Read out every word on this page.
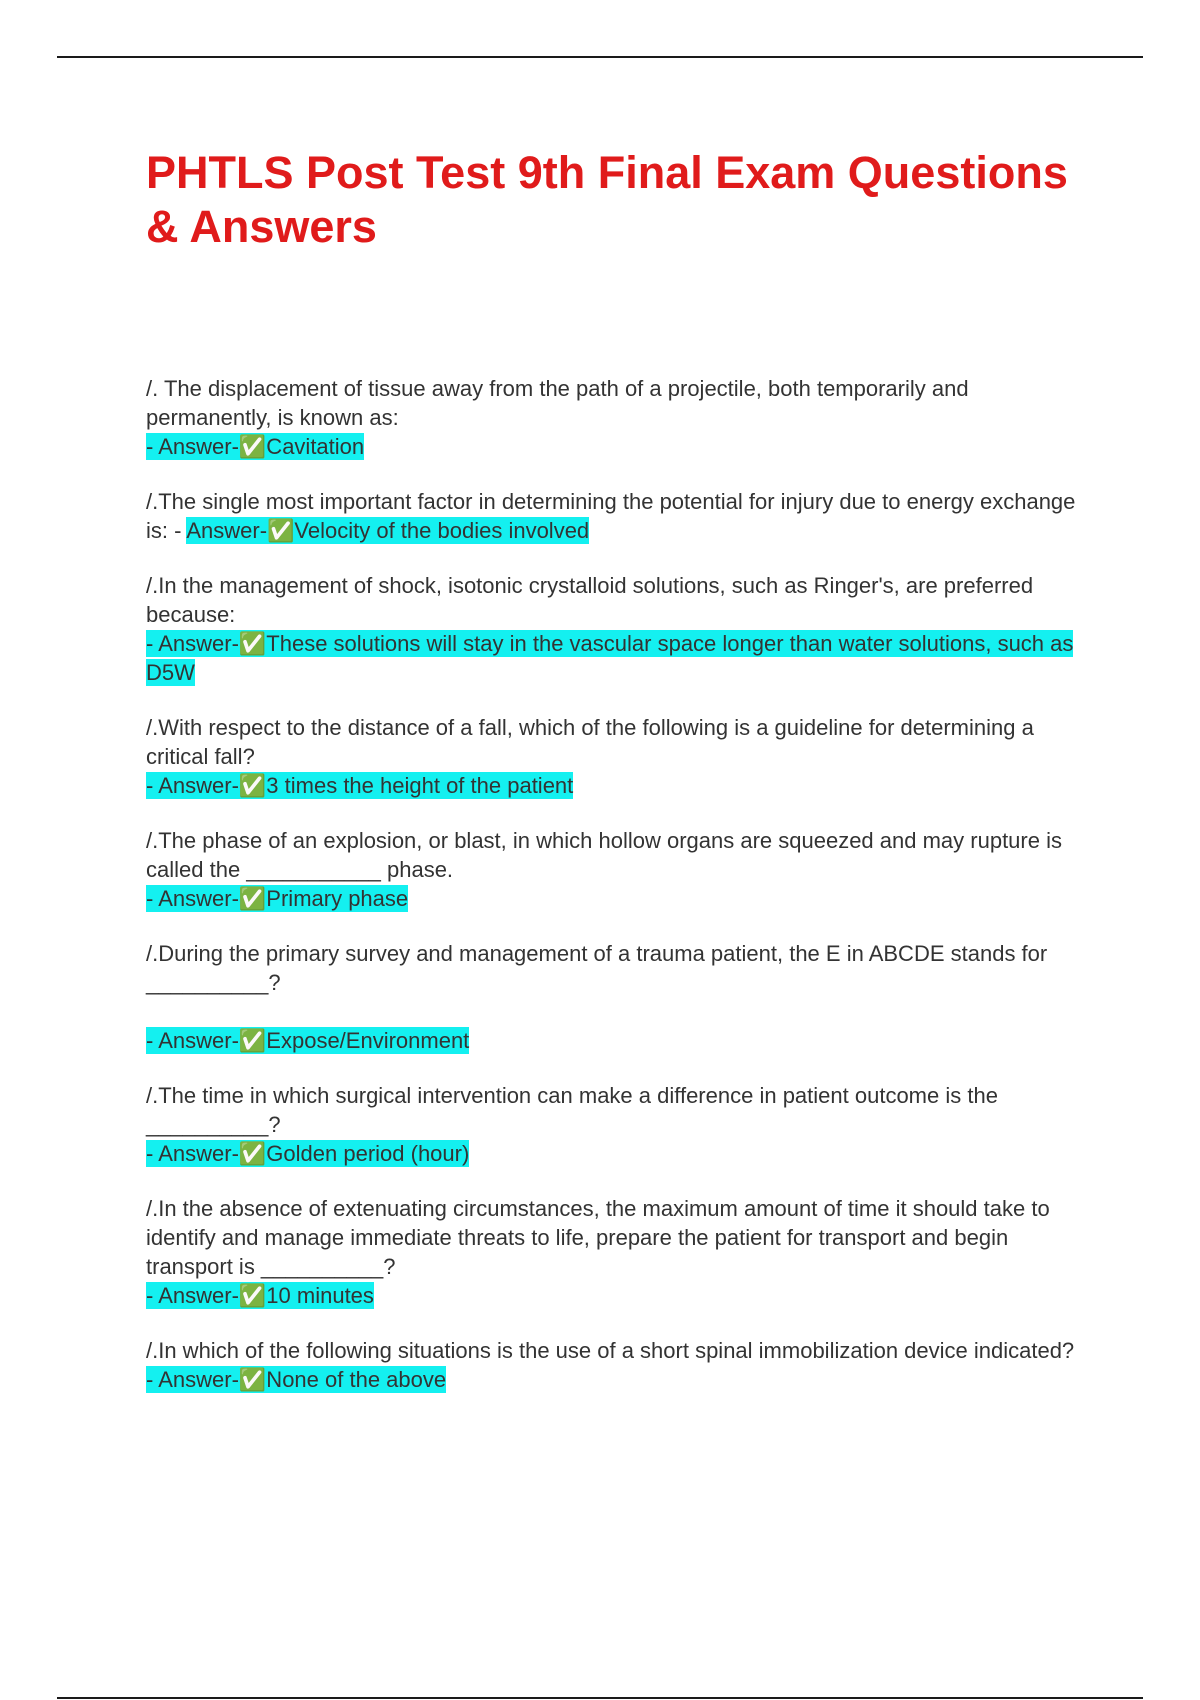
PHTLS Post Test 9th Final Exam Questions & Answers
/. The displacement of tissue away from the path of a projectile, both temporarily and permanently, is known as:
- Answer-✅Cavitation
/.The single most important factor in determining the potential for injury due to energy exchange is: - Answer-✅Velocity of the bodies involved
/.In the management of shock, isotonic crystalloid solutions, such as Ringer's, are preferred because:
- Answer-✅These solutions will stay in the vascular space longer than water solutions, such as D5W
/.With respect to the distance of a fall, which of the following is a guideline for determining a critical fall?
- Answer-✅3 times the height of the patient
/.The phase of an explosion, or blast, in which hollow organs are squeezed and may rupture is called the ___________ phase.
- Answer-✅Primary phase
/.During the primary survey and management of a trauma patient, the E in ABCDE stands for __________?
- Answer-✅Expose/Environment
/.The time in which surgical intervention can make a difference in patient outcome is the __________?
- Answer-✅Golden period (hour)
/.In the absence of extenuating circumstances, the maximum amount of time it should take to identify and manage immediate threats to life, prepare the patient for transport and begin transport is __________?
- Answer-✅10 minutes
/.In which of the following situations is the use of a short spinal immobilization device indicated?
- Answer-✅None of the above
